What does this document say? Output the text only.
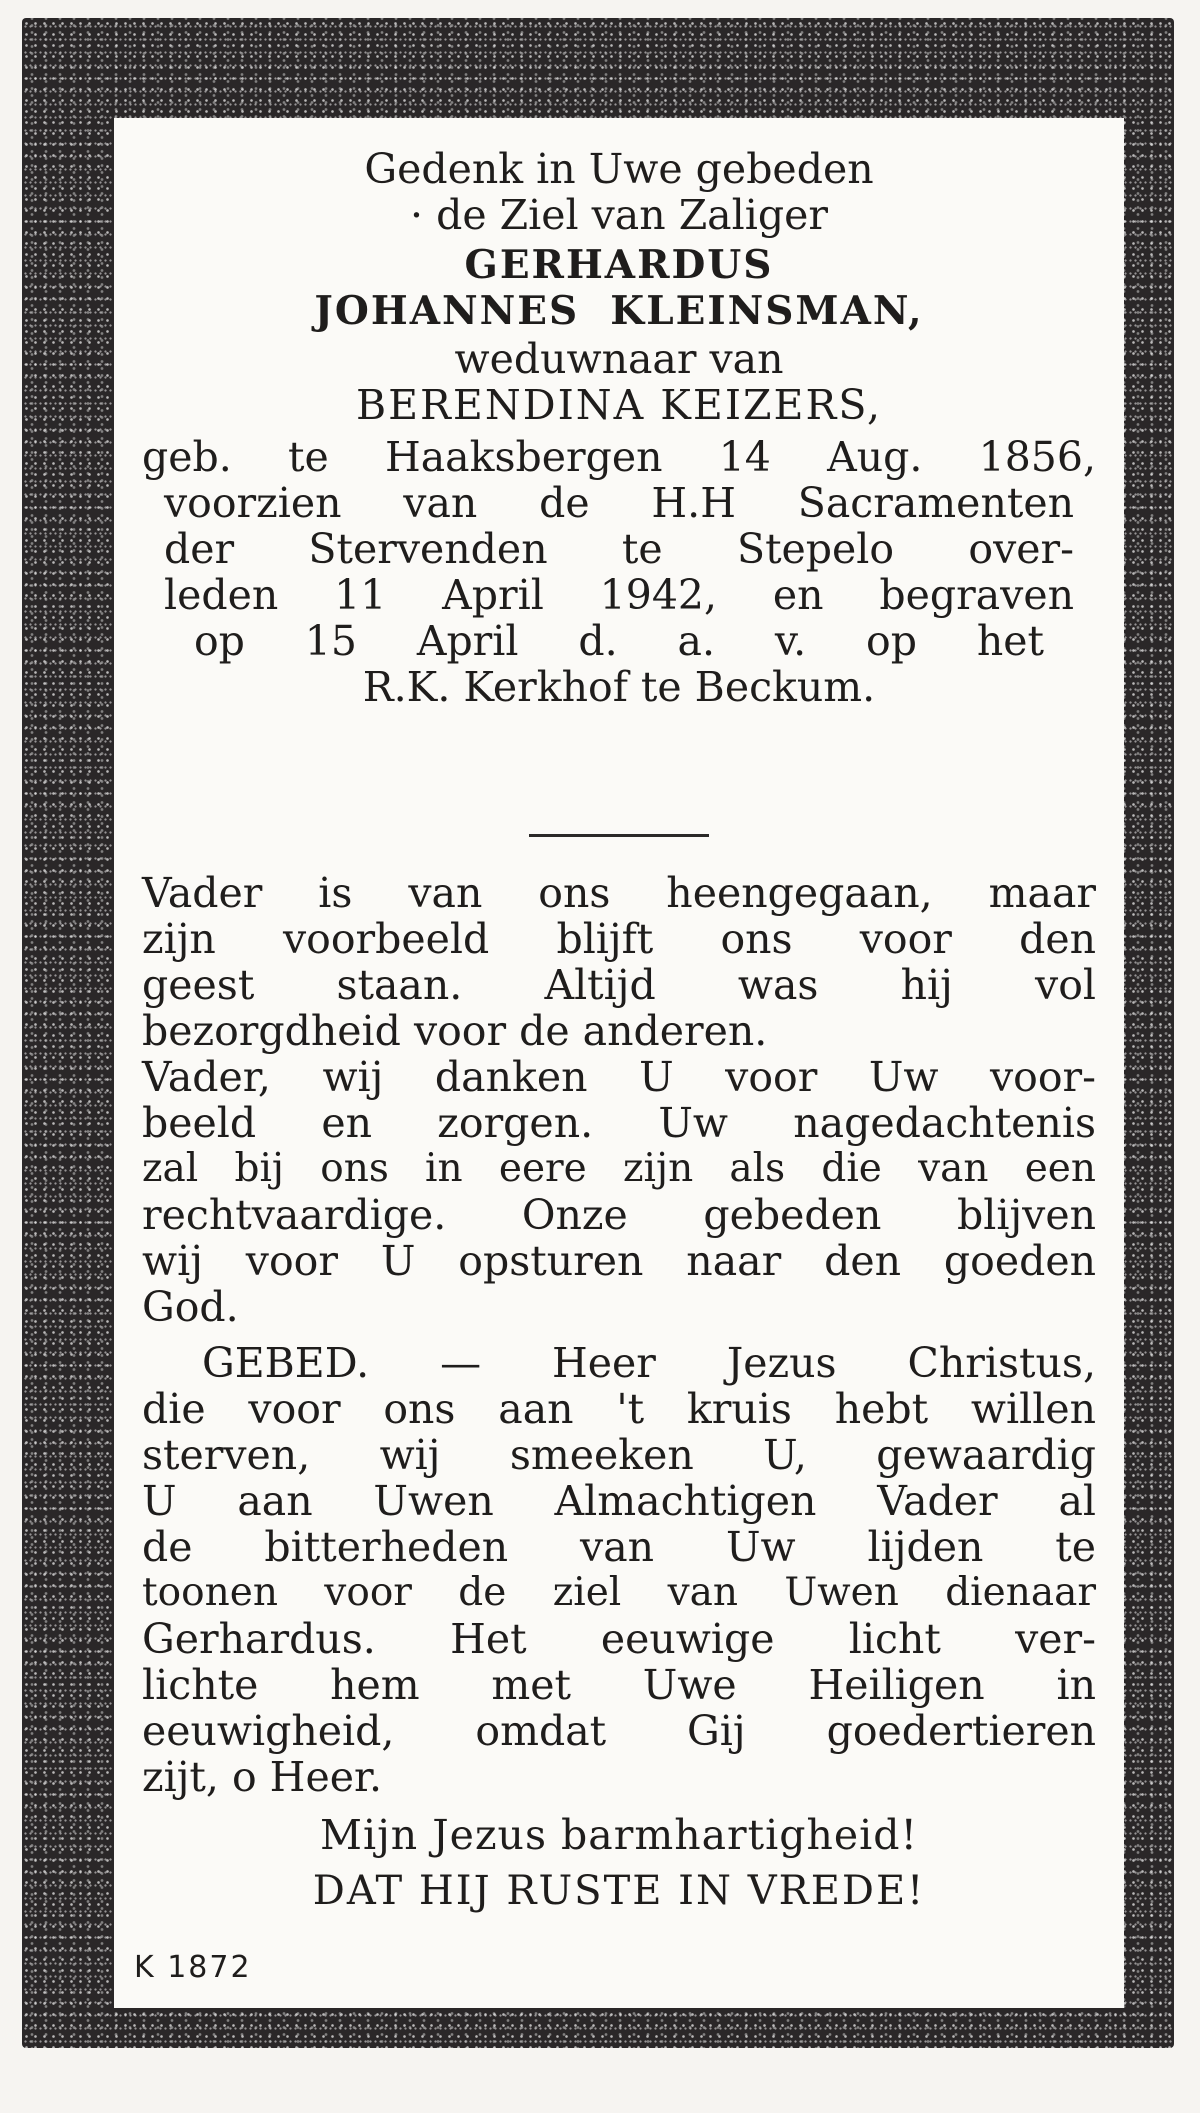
Gedenk in Uwe gebeden

· de Ziel van Zaliger

GERHARDUS

JOHANNES  KLEINSMAN,

weduwnaar van

BERENDINA KEIZERS,

geb. te Haaksbergen 14 Aug. 1856,

voorzien van de H.H Sacramenten

der Stervenden te Stepelo over-

leden 11 April 1942, en begraven

op 15 April d. a. v. op het

R.K. Kerkhof te Beckum.

Vader is van ons heengegaan, maar

zijn voorbeeld blijft ons voor den

geest staan. Altijd was hij vol

bezorgdheid voor de anderen.

Vader, wij danken U voor Uw voor-

beeld en zorgen. Uw nagedachtenis

zal bij ons in eere zijn als die van een

rechtvaardige. Onze gebeden blijven

wij voor U opsturen naar den goeden

God.

GEBED. — Heer Jezus Christus,

die voor ons aan 't kruis hebt willen

sterven, wij smeeken U, gewaardig

U aan Uwen Almachtigen Vader al

de bitterheden van Uw lijden te

toonen voor de ziel van Uwen dienaar

Gerhardus. Het eeuwige licht ver-

lichte hem met Uwe Heiligen in

eeuwigheid, omdat Gij goedertieren

zijt, o Heer.

Mijn Jezus barmhartigheid!

DAT HIJ RUSTE IN VREDE!

K 1872
